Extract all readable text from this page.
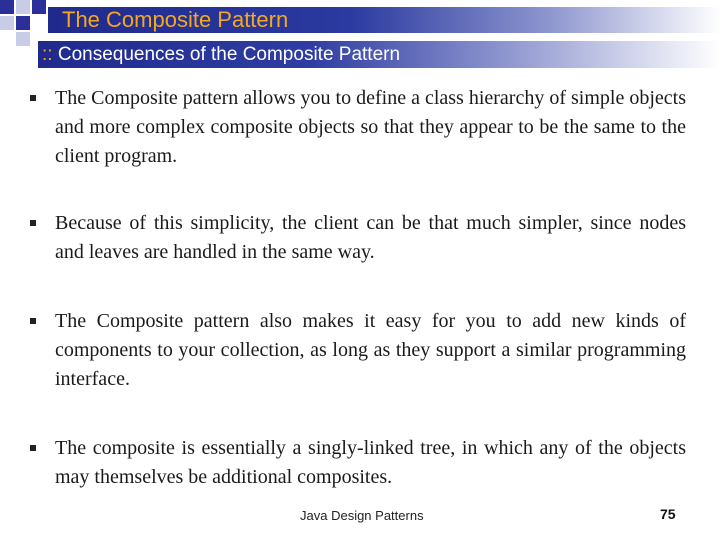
The Composite Pattern
:: Consequences of the Composite Pattern
The Composite pattern allows you to define a class hierarchy of simple objects and more complex composite objects so that they appear to be the same to the client program.
Because of this simplicity, the client can be that much simpler, since nodes and leaves are handled in the same way.
The Composite pattern also makes it easy for you to add new kinds of components to your collection, as long as they support a similar programming interface.
The composite is essentially a singly-linked tree, in which any of the objects may themselves be additional composites.
Java Design Patterns	75
